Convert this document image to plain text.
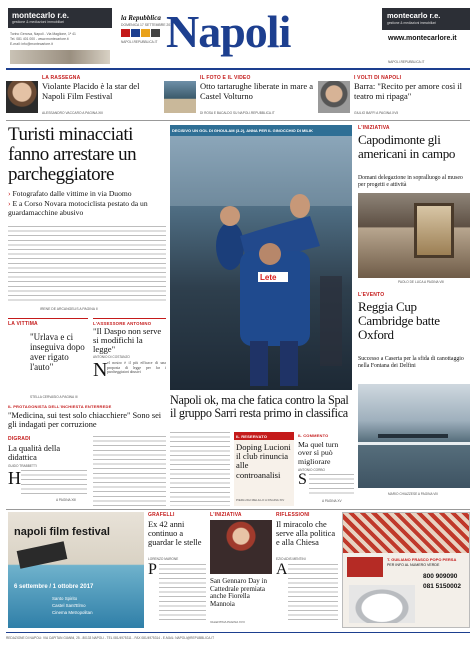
montecarlo r.e.
gestione & mediazioni immobiliari
Torino Genova, Napoli - Via Maglione, 1ª 41
Tel. 081 401 000 - www.montecarlore.it
E-mail: info@montecarlore.it
la Repubblica
DOMENICA 17 SETTEMBRE 2017
NAPOLI.REPUBBLICA.IT Napoli	montecarlo r.e.
gestione & mediazioni immobiliari
www.montecarlore.it
NAPOLI.REPUBBLICA.IT
LA RASSEGNA
Violante Placido è la star del Napoli Film Festival
ALESSANDRO VACCARO A PAGINA XIII
IL FOTO E IL VIDEO
Otto tartarughe liberate in mare a Castel Volturno
DI ROSA E BACALDO SU NAPOLI.REPUBBLICA.IT
I VOLTI DI NAPOLI
Barra: "Recito per amore così il teatro mi ripaga"
GIULIO BAFFI A PAGINA XVII
Turisti minacciati fanno arrestare un parcheggiatore
› Fotografato dalle vittime in via Duomo
› E a Corso Novara motociclista pestato da un guardamacchine abusivo
IRENE DE ARCANGELIS A PAGINA II
LA VITTIMA
"Urlava e ci inseguiva dopo aver rigato l'auto"
STELLA CERVASIO A PAGINA III
L'ASSESSORE ANTONINO
"Il Daspo non serve si modifichi la legge"
ANTONIO DI COSTANZO
N el nostro è il più efficace di una proposta di legge per far i parcheggiatori abusivi
DECISIVO UN GOL DI GHOULAM (3-2), ANNA PER IL GINOCCHIO DI MILIK
Lete
Napoli ok, ma che fatica contro la Spal il gruppo Sarri resta primo in classifica
IL PROTAGONISTA DELL'INCHIESTA ENTERREDE
"Medicina, sui test solo chiacchiere" Sono sei gli indagati per corruzione
DIGRADI
La qualità della didattica
GUIDO TRABBETTI
H
A PAGINA XIII
IL RESERVATO
Doping Lucioni il club rinuncia alle controanalisi
PIERLUIGI MELILLO A PAGINA XIV
IL COMMENTO
Ma quel turn over sì può migliorare
ANTONIO CORBO
S
A PAGINA XV
L'INIZIATIVA
Capodimonte gli americani in campo
Domani delegazione in sopralluogo al museo per progetti e attività
PAOLO DE LUCA A PAGINA VIII
L'EVENTO
Reggia Cup Cambridge batte Oxford
Successo a Caserta per la sfida di canottaggio nella Fontana dei Delfini
MARIO CHIAZZESE A PAGINA VIII
napoli film festival
6 settembre / 1 ottobre 2017
Santo Spirito
Castel Sant'Elmo
Cinema Metropolitan
GRAFELLI
Ex 42 anni continuo a guardar le stelle
LORENZO MARONE
P
L'INIZIATIVA
San Gennaro Day in Cattedrale premiata anche Fiorella Mannoia
VALENTINA PAGINA XVII
RIFLESSIONI
Il miracolo che serve alla politica e alla Chiesa
EZIO ADIS MENTINI
A
T. GUILIANO FRASCO POPO PERSA
PER INFO AL NUMERO VERDE
800 909090
081 5150002
REDAZIONE DI NAPOLI: VIA CAPITAN GIANNI, 25 - 80133 NAPOLI - TEL 081/4975311 - FAX 081/4975314 - E-MAIL: NAPOLI@REPUBBLICA.IT
